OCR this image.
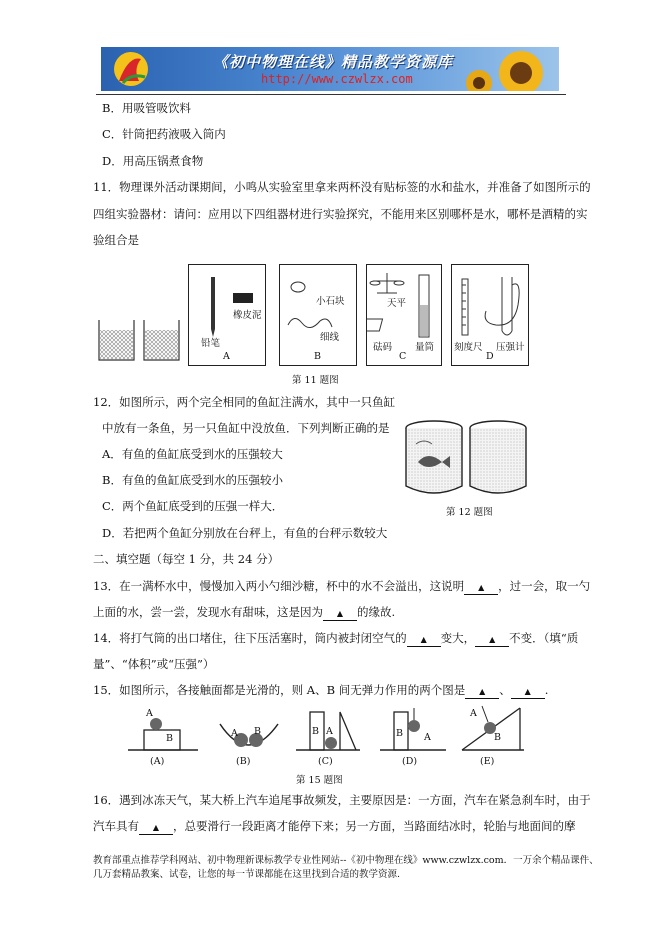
《初中物理在线》精品教学资源库
http://www.czwlzx.com
B．用吸管吸饮料
C．针筒把药液吸入筒内
D．用高压锅煮食物
11．物理课外活动课期间，小鸣从实验室里拿来两杯没有贴标签的水和盐水，并准备了如图所示的
四组实验器材：请问：应用以下四组器材进行实验探究，不能用来区别哪杯是水，哪杯是酒精的实
验组合是
铅笔
橡皮泥
A
小石块
细线
B
天平
砝码 量筒
C
刻度尺 压强计
D
第 11 题图
12．如图所示，两个完全相同的鱼缸注满水，其中一只鱼缸
中放有一条鱼，另一只鱼缸中没放鱼．下列判断正确的是
A．有鱼的鱼缸底受到水的压强较大
B．有鱼的鱼缸底受到水的压强较小
C．两个鱼缸底受到的压强一样大．
D．若把两个鱼缸分别放在台秤上，有鱼的台秤示数较大
第 12 题图
二、填空题（每空 1 分，共 24 分）
13．在一满杯水中，慢慢加入两小勺细沙糖，杯中的水不会溢出，这说明 ▲ ，过一会，取一勺
上面的水，尝一尝，发现水有甜味，这是因为 ▲ 的缘故.
14．将打气筒的出口堵住，往下压活塞时，筒内被封闭空气的 ▲ 变大， ▲ 不变．（填“质
量”、“体积”或“压强”）
15．如图所示，各接触面都是光滑的，则 A、B 间无弹力作用的两个图是 ▲ 、 ▲ .
A
B	A B	B A	B A
A
B
(A)	(B)	(C)	(D)	(E)
第 15 题图
16．遇到冰冻天气，某大桥上汽车追尾事故频发，主要原因是：一方面，汽车在紧急刹车时，由于
汽车具有 ▲ ，总要滑行一段距离才能停下来；另一方面，当路面结冰时，轮胎与地面间的摩
教育部重点推荐学科网站、初中物理新课标教学专业性网站--《初中物理在线》www.czwlzx.com．一万余个精品课件、
几万套精品教案、试卷，让您的每一节课都能在这里找到合适的教学资源.
